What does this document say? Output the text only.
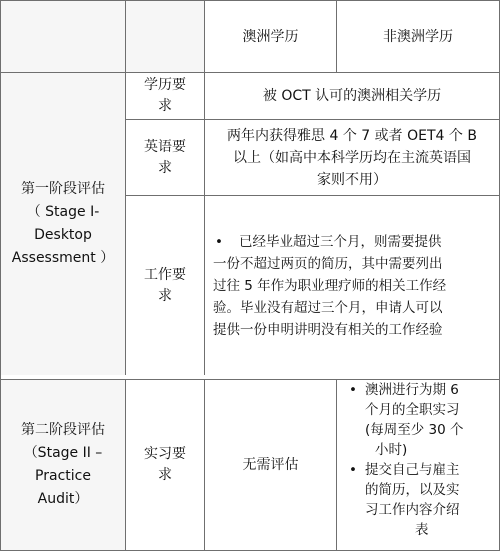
澳洲学历	非澳洲学历
第一阶段评估
（ Stage I-
Desktop
Assessment ）
学历要
求
被 OCT 认可的澳洲相关学历
英语要
求
两年内获得雅思 4 个 7 或者 OET4 个 B
以上（如高中本科学历均在主流英语国
家则不用）
工作要
求
• 已经毕业超过三个月，则需要提供
一份不超过两页的简历，其中需要列出
过往 5 年作为职业理疗师的相关工作经
验。毕业没有超过三个月，申请人可以
提供一份申明讲明没有相关的工作经验
第二阶段评估
（Stage II –
Practice
Audit）
实习要
求
无需评估
• 澳洲进行为期 6
个月的全职实习
(每周至少 30 个
小时)
• 提交自己与雇主
的简历，以及实
习工作内容介绍
表
